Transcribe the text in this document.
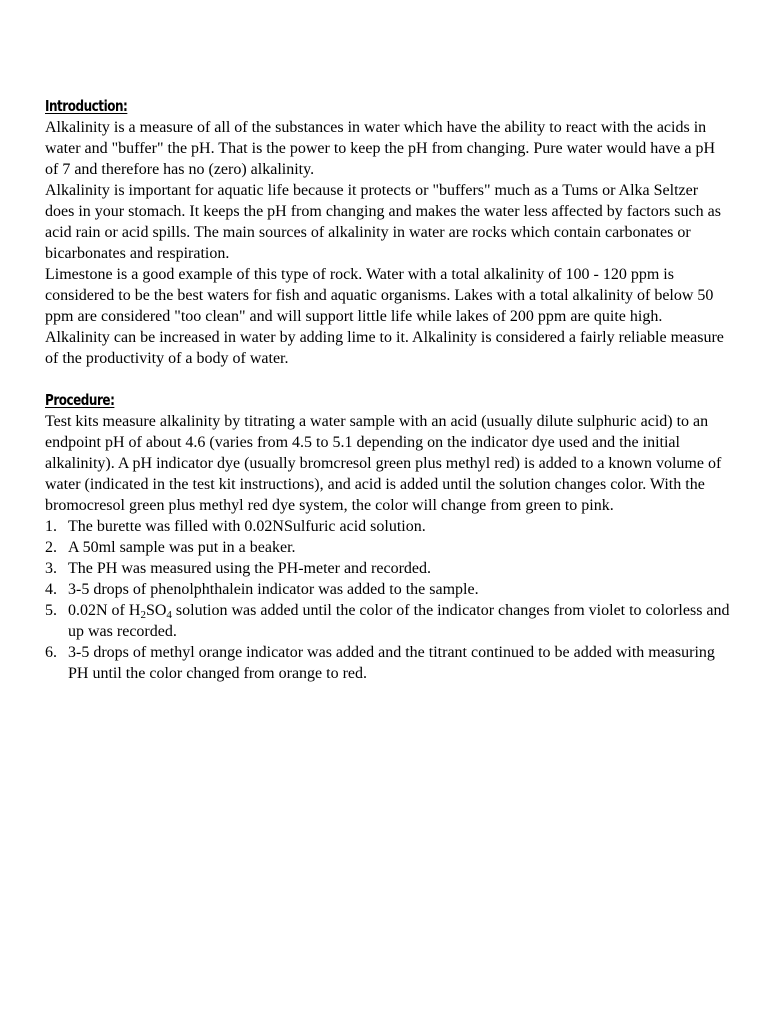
Introduction:

Alkalinity is a measure of all of the substances in water which have the ability to react with the acids in water and "buffer" the pH. That is the power to keep the pH from changing. Pure water would have a pH of 7 and therefore has no (zero) alkalinity.

Alkalinity is important for aquatic life because it protects or "buffers" much as a Tums or Alka Seltzer does in your stomach. It keeps the pH from changing and makes the water less affected by factors such as acid rain or acid spills. The main sources of alkalinity in water are rocks which contain carbonates or bicarbonates and respiration.

Limestone is a good example of this type of rock. Water with a total alkalinity of 100 - 120 ppm is considered to be the best waters for fish and aquatic organisms. Lakes with a total alkalinity of below 50 ppm are considered "too clean" and will support little life while lakes of 200 ppm are quite high. Alkalinity can be increased in water by adding lime to it. Alkalinity is considered a fairly reliable measure of the productivity of a body of water.

Procedure:

Test kits measure alkalinity by titrating a water sample with an acid (usually dilute sulphuric acid) to an endpoint pH of about 4.6 (varies from 4.5 to 5.1 depending on the indicator dye used and the initial alkalinity). A pH indicator dye (usually bromcresol green plus methyl red) is added to a known volume of water (indicated in the test kit instructions), and acid is added until the solution changes color. With the bromocresol green plus methyl red dye system, the color will change from green to pink.

1. The burette was filled with 0.02NSulfuric acid solution.
2. A 50ml sample was put in a beaker.
3. The PH was measured using the PH-meter and recorded.
4. 3-5 drops of phenolphthalein indicator was added to the sample.
5. 0.02N of $H_2SO_4$ solution was added until the color of the indicator changes from violet to colorless and up was recorded.
6. 3-5 drops of methyl orange indicator was added and the titrant continued to be added with measuring PH until the color changed from orange to red.
